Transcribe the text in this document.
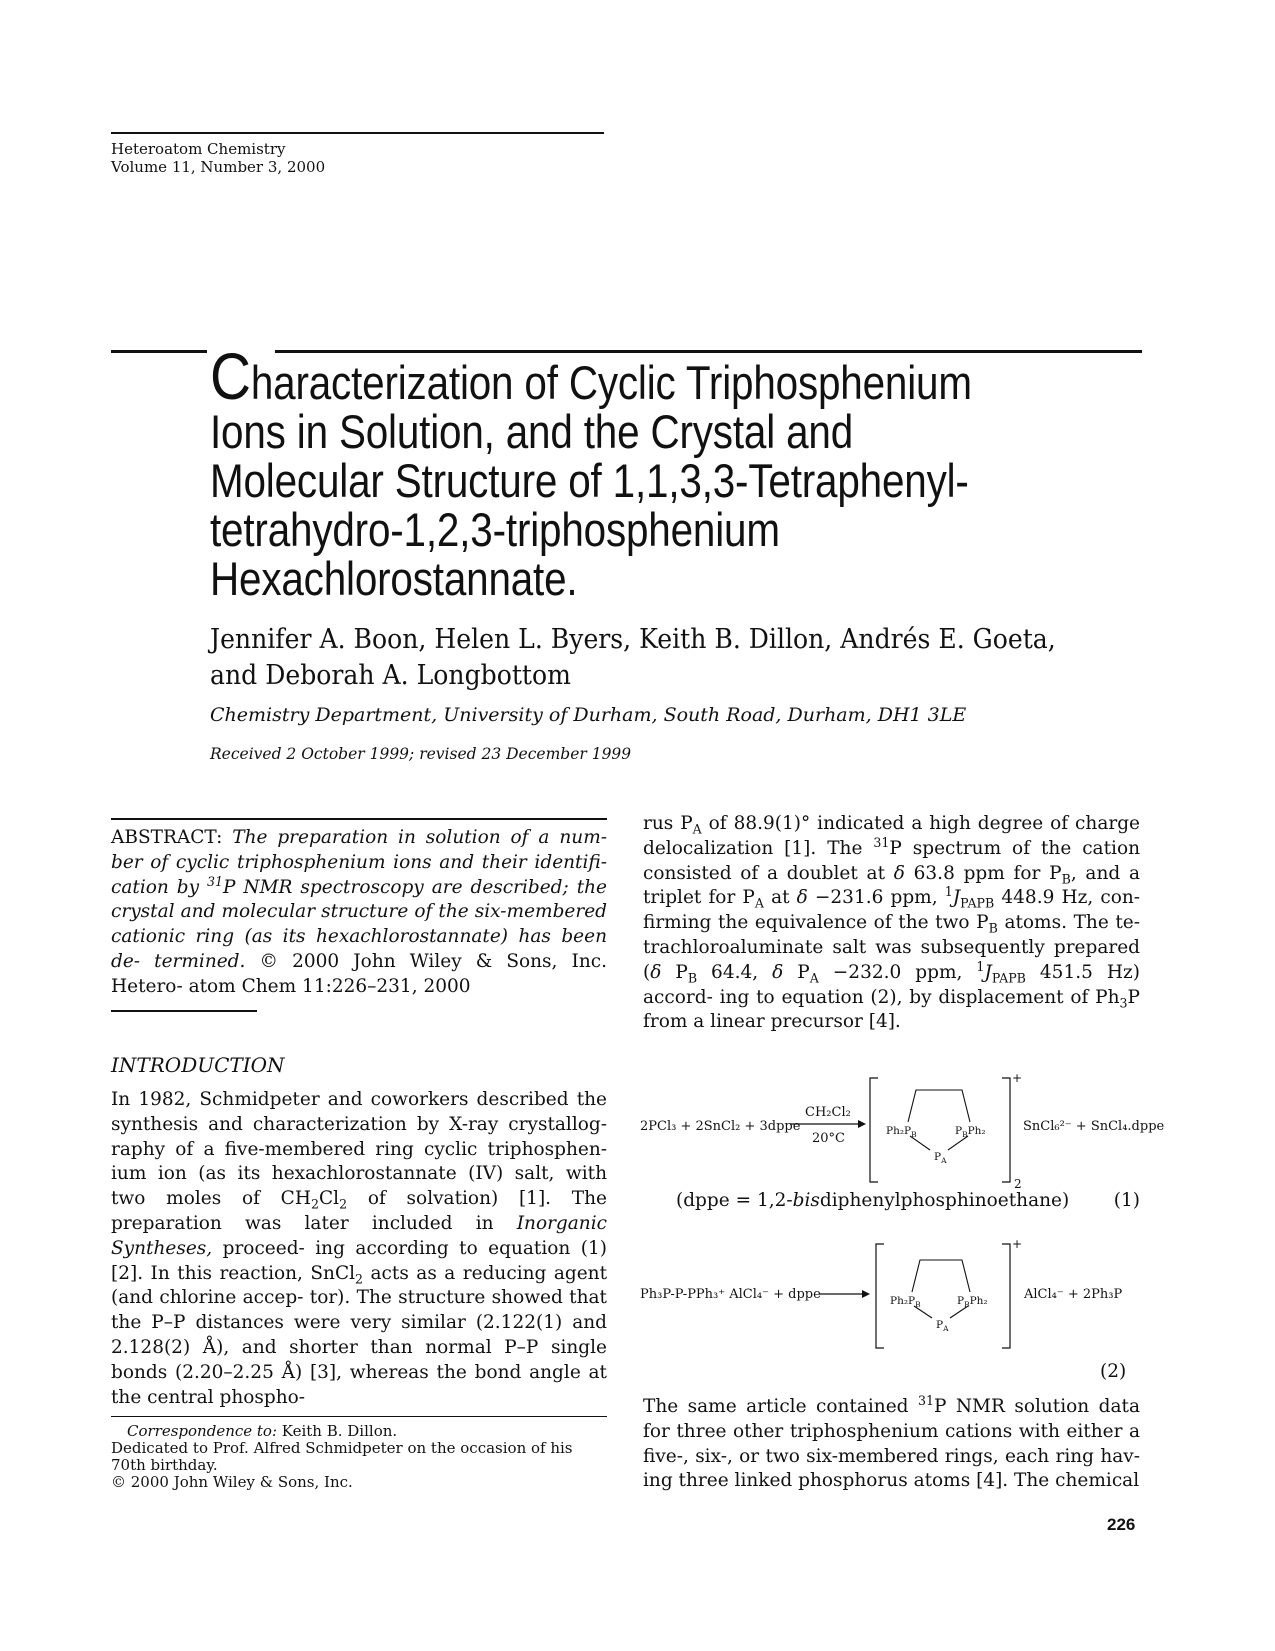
Heteroatom Chemistry
Volume 11, Number 3, 2000
Characterization of Cyclic Triphosphenium
Ions in Solution, and the Crystal and
Molecular Structure of 1,1,3,3-Tetraphenyl-
tetrahydro-1,2,3-triphosphenium
Hexachlorostannate.
Jennifer A. Boon, Helen L. Byers, Keith B. Dillon, Andrés E. Goeta,
and Deborah A. Longbottom
Chemistry Department, University of Durham, South Road, Durham, DH1 3LE
Received 2 October 1999; revised 23 December 1999
ABSTRACT: The preparation in solution of a num- ber of cyclic triphosphenium ions and their identifi- cation by $^{31}$P NMR spectroscopy are described; the crystal and molecular structure of the six-membered cationic ring (as its hexachlorostannate) has been de- termined. © 2000 John Wiley & Sons, Inc. Hetero- atom Chem 11:226–231, 2000
INTRODUCTION
In 1982, Schmidpeter and coworkers described the synthesis and characterization by X-ray crystallog- raphy of a five-membered ring cyclic triphosphen- ium ion (as its hexachlorostannate (IV) salt, with two moles of $CH_2Cl_2$ of solvation) [1]. The preparation was later included in Inorganic Syntheses, proceed- ing according to equation (1) [2]. In this reaction, SnCl$_2$ acts as a reducing agent (and chlorine accep- tor). The structure showed that the P–P distances were very similar (2.122(1) and 2.128(2) Å), and shorter than normal P–P single bonds (2.20–2.25 Å) [3], whereas the bond angle at the central phospho-
Correspondence to: Keith B. Dillon.
Dedicated to Prof. Alfred Schmidpeter on the occasion of his 70th birthday.
© 2000 John Wiley & Sons, Inc.
rus $P_A$ of 88.9(1)° indicated a high degree of charge delocalization [1]. The $^{31}$P spectrum of the cation consisted of a doublet at δ 63.8 ppm for $P_B$, and a triplet for $P_A$ at δ −231.6 ppm, $^1J_{PAPB}$ 448.9 Hz, con- firming the equivalence of the two $P_B$ atoms. The te- trachloroaluminate salt was subsequently prepared (δ $P_B$ 64.4, δ $P_A -232.0$ ppm, $^1J_{PAPB}$ 451.5 Hz) accord- ing to equation (2), by displacement of $Ph_3P$ from a linear precursor [4].
2PCl₃ + 2SnCl₂ + 3dppe
CH₂Cl₂
20°C
+
2
$Ph_2P_B$	$P_BPh_2$
$P_A$
SnCl₆²⁻ + SnCl₄.dppe
(dppe = 1,2-bisdiphenylphosphinoethane) (1)
Ph₃P-P-PPh₃⁺ AlCl₄⁻ + dppe
+
$Ph_2P_B$	$P_BPh_2$
$P_A$
AlCl₄⁻ + 2Ph₃P
(2)
The same article contained $^{31}$P NMR solution data for three other triphosphenium cations with either a five-, six-, or two six-membered rings, each ring hav- ing three linked phosphorus atoms [4]. The chemical
226
